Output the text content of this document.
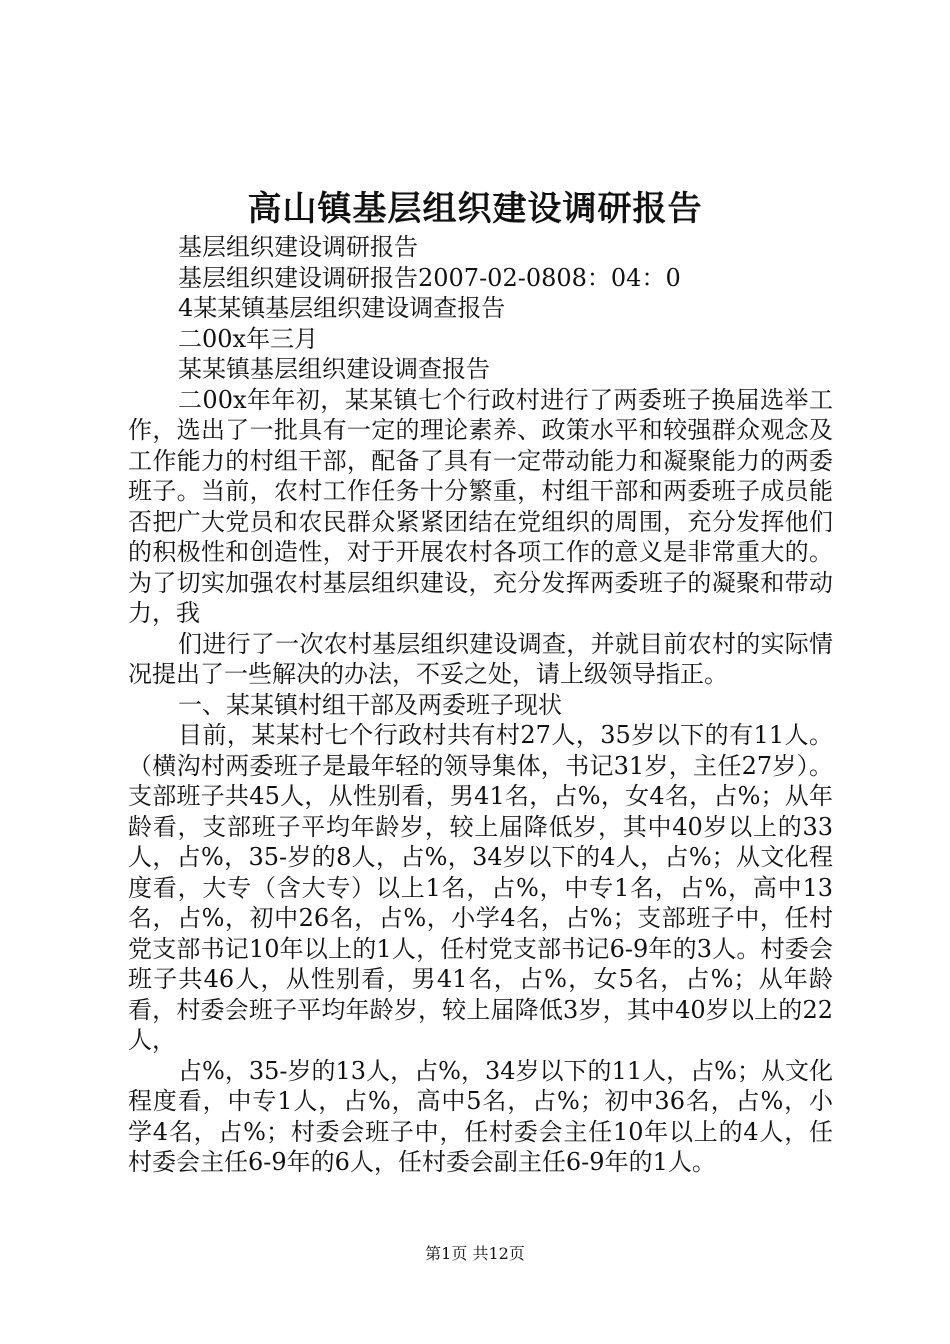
高山镇基层组织建设调研报告

基层组织建设调研报告

基层组织建设调研报告2007-02-0808：04：0

4某某镇基层组织建设调查报告

二00x年三月

某某镇基层组织建设调查报告

二00x年年初，某某镇七个行政村进行了两委班子换届选举工作，选出了一批具有一定的理论素养、政策水平和较强群众观念及工作能力的村组干部，配备了具有一定带动能力和凝聚能力的两委班子。当前，农村工作任务十分繁重，村组干部和两委班子成员能否把广大党员和农民群众紧紧团结在党组织的周围，充分发挥他们的积极性和创造性，对于开展农村各项工作的意义是非常重大的。为了切实加强农村基层组织建设，充分发挥两委班子的凝聚和带动力，我

们进行了一次农村基层组织建设调查，并就目前农村的实际情况提出了一些解决的办法，不妥之处，请上级领导指正。

一、某某镇村组干部及两委班子现状

目前，某某村七个行政村共有村27人，35岁以下的有11人。（横沟村两委班子是最年轻的领导集体，书记31岁，主任27岁）。支部班子共45人，从性别看，男41名，占%，女4名，占%；从年龄看，支部班子平均年龄岁，较上届降低岁，其中40岁以上的33人，占%，35-岁的8人，占%，34岁以下的4人，占%；从文化程度看，大专（含大专）以上1名，占%，中专1名，占%，高中13名，占%，初中26名，占%，小学4名，占%；支部班子中，任村党支部书记10年以上的1人，任村党支部书记6-9年的3人。村委会班子共46人，从性别看，男41名，占%，女5名，占%；从年龄看，村委会班子平均年龄岁，较上届降低3岁，其中40岁以上的22人，

占%，35-岁的13人，占%，34岁以下的11人，占%；从文化程度看，中专1人，占%，高中5名，占%；初中36名，占%，小学4名，占%；村委会班子中，任村委会主任10年以上的4人，任村委会主任6-9年的6人，任村委会副主任6-9年的1人。

第1页 共12页
